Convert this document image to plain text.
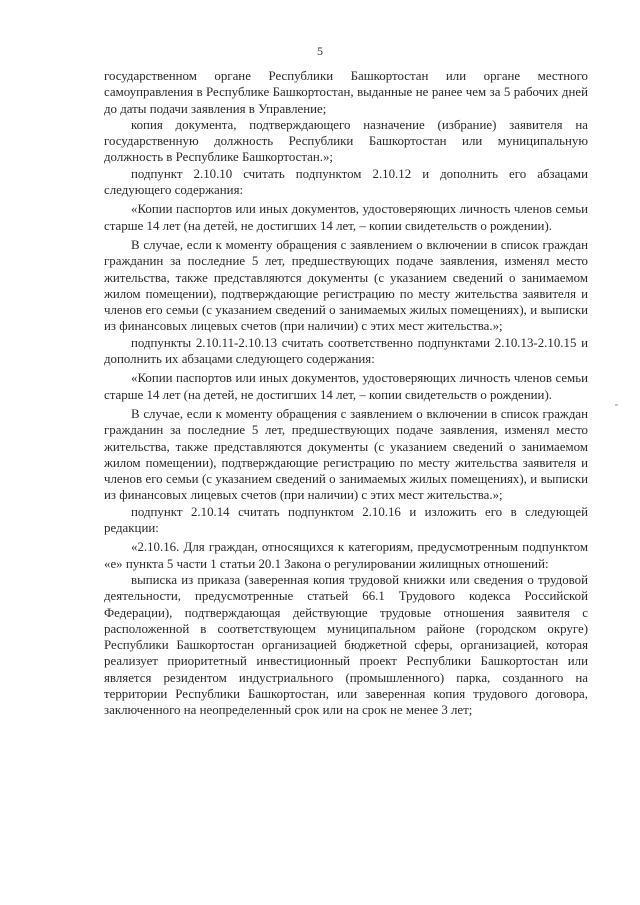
5

государственном органе Республики Башкортостан или органе местного самоуправления в Республике Башкортостан, выданные не ранее чем за 5 рабочих дней до даты подачи заявления в Управление;

копия документа, подтверждающего назначение (избрание) заявителя на государственную должность Республики Башкортостан или муниципальную должность в Республике Башкортостан.»;

подпункт 2.10.10 считать подпунктом 2.10.12 и дополнить его абзацами следующего содержания:

«Копии паспортов или иных документов, удостоверяющих личность членов семьи старше 14 лет (на детей, не достигших 14 лет, – копии свидетельств о рождении).

В случае, если к моменту обращения с заявлением о включении в список граждан гражданин за последние 5 лет, предшествующих подаче заявления, изменял место жительства, также представляются документы (с указанием сведений о занимаемом жилом помещении), подтверждающие регистрацию по месту жительства заявителя и членов его семьи (с указанием сведений о занимаемых жилых помещениях), и выписки из финансовых лицевых счетов (при наличии) с этих мест жительства.»;

подпункты 2.10.11-2.10.13 считать соответственно подпунктами 2.10.13-2.10.15 и дополнить их абзацами следующего содержания:

«Копии паспортов или иных документов, удостоверяющих личность членов семьи старше 14 лет (на детей, не достигших 14 лет, – копии свидетельств о рождении).

В случае, если к моменту обращения с заявлением о включении в список граждан гражданин за последние 5 лет, предшествующих подаче заявления, изменял место жительства, также представляются документы (с указанием сведений о занимаемом жилом помещении), подтверждающие регистрацию по месту жительства заявителя и членов его семьи (с указанием сведений о занимаемых жилых помещениях), и выписки из финансовых лицевых счетов (при наличии) с этих мест жительства.»;

подпункт 2.10.14 считать подпунктом 2.10.16 и изложить его в следующей редакции:

«2.10.16. Для граждан, относящихся к категориям, предусмотренным подпунктом «е» пункта 5 части 1 статьи 20.1 Закона о регулировании жилищных отношений:

выписка из приказа (заверенная копия трудовой книжки или сведения о трудовой деятельности, предусмотренные статьей 66.1 Трудового кодекса Российской Федерации), подтверждающая действующие трудовые отношения заявителя с расположенной в соответствующем муниципальном районе (городском округе) Республики Башкортостан организацией бюджетной сферы, организацией, которая реализует приоритетный инвестиционный проект Республики Башкортостан или является резидентом индустриального (промышленного) парка, созданного на территории Республики Башкортостан, или заверенная копия трудового договора, заключенного на неопределенный срок или на срок не менее 3 лет;
